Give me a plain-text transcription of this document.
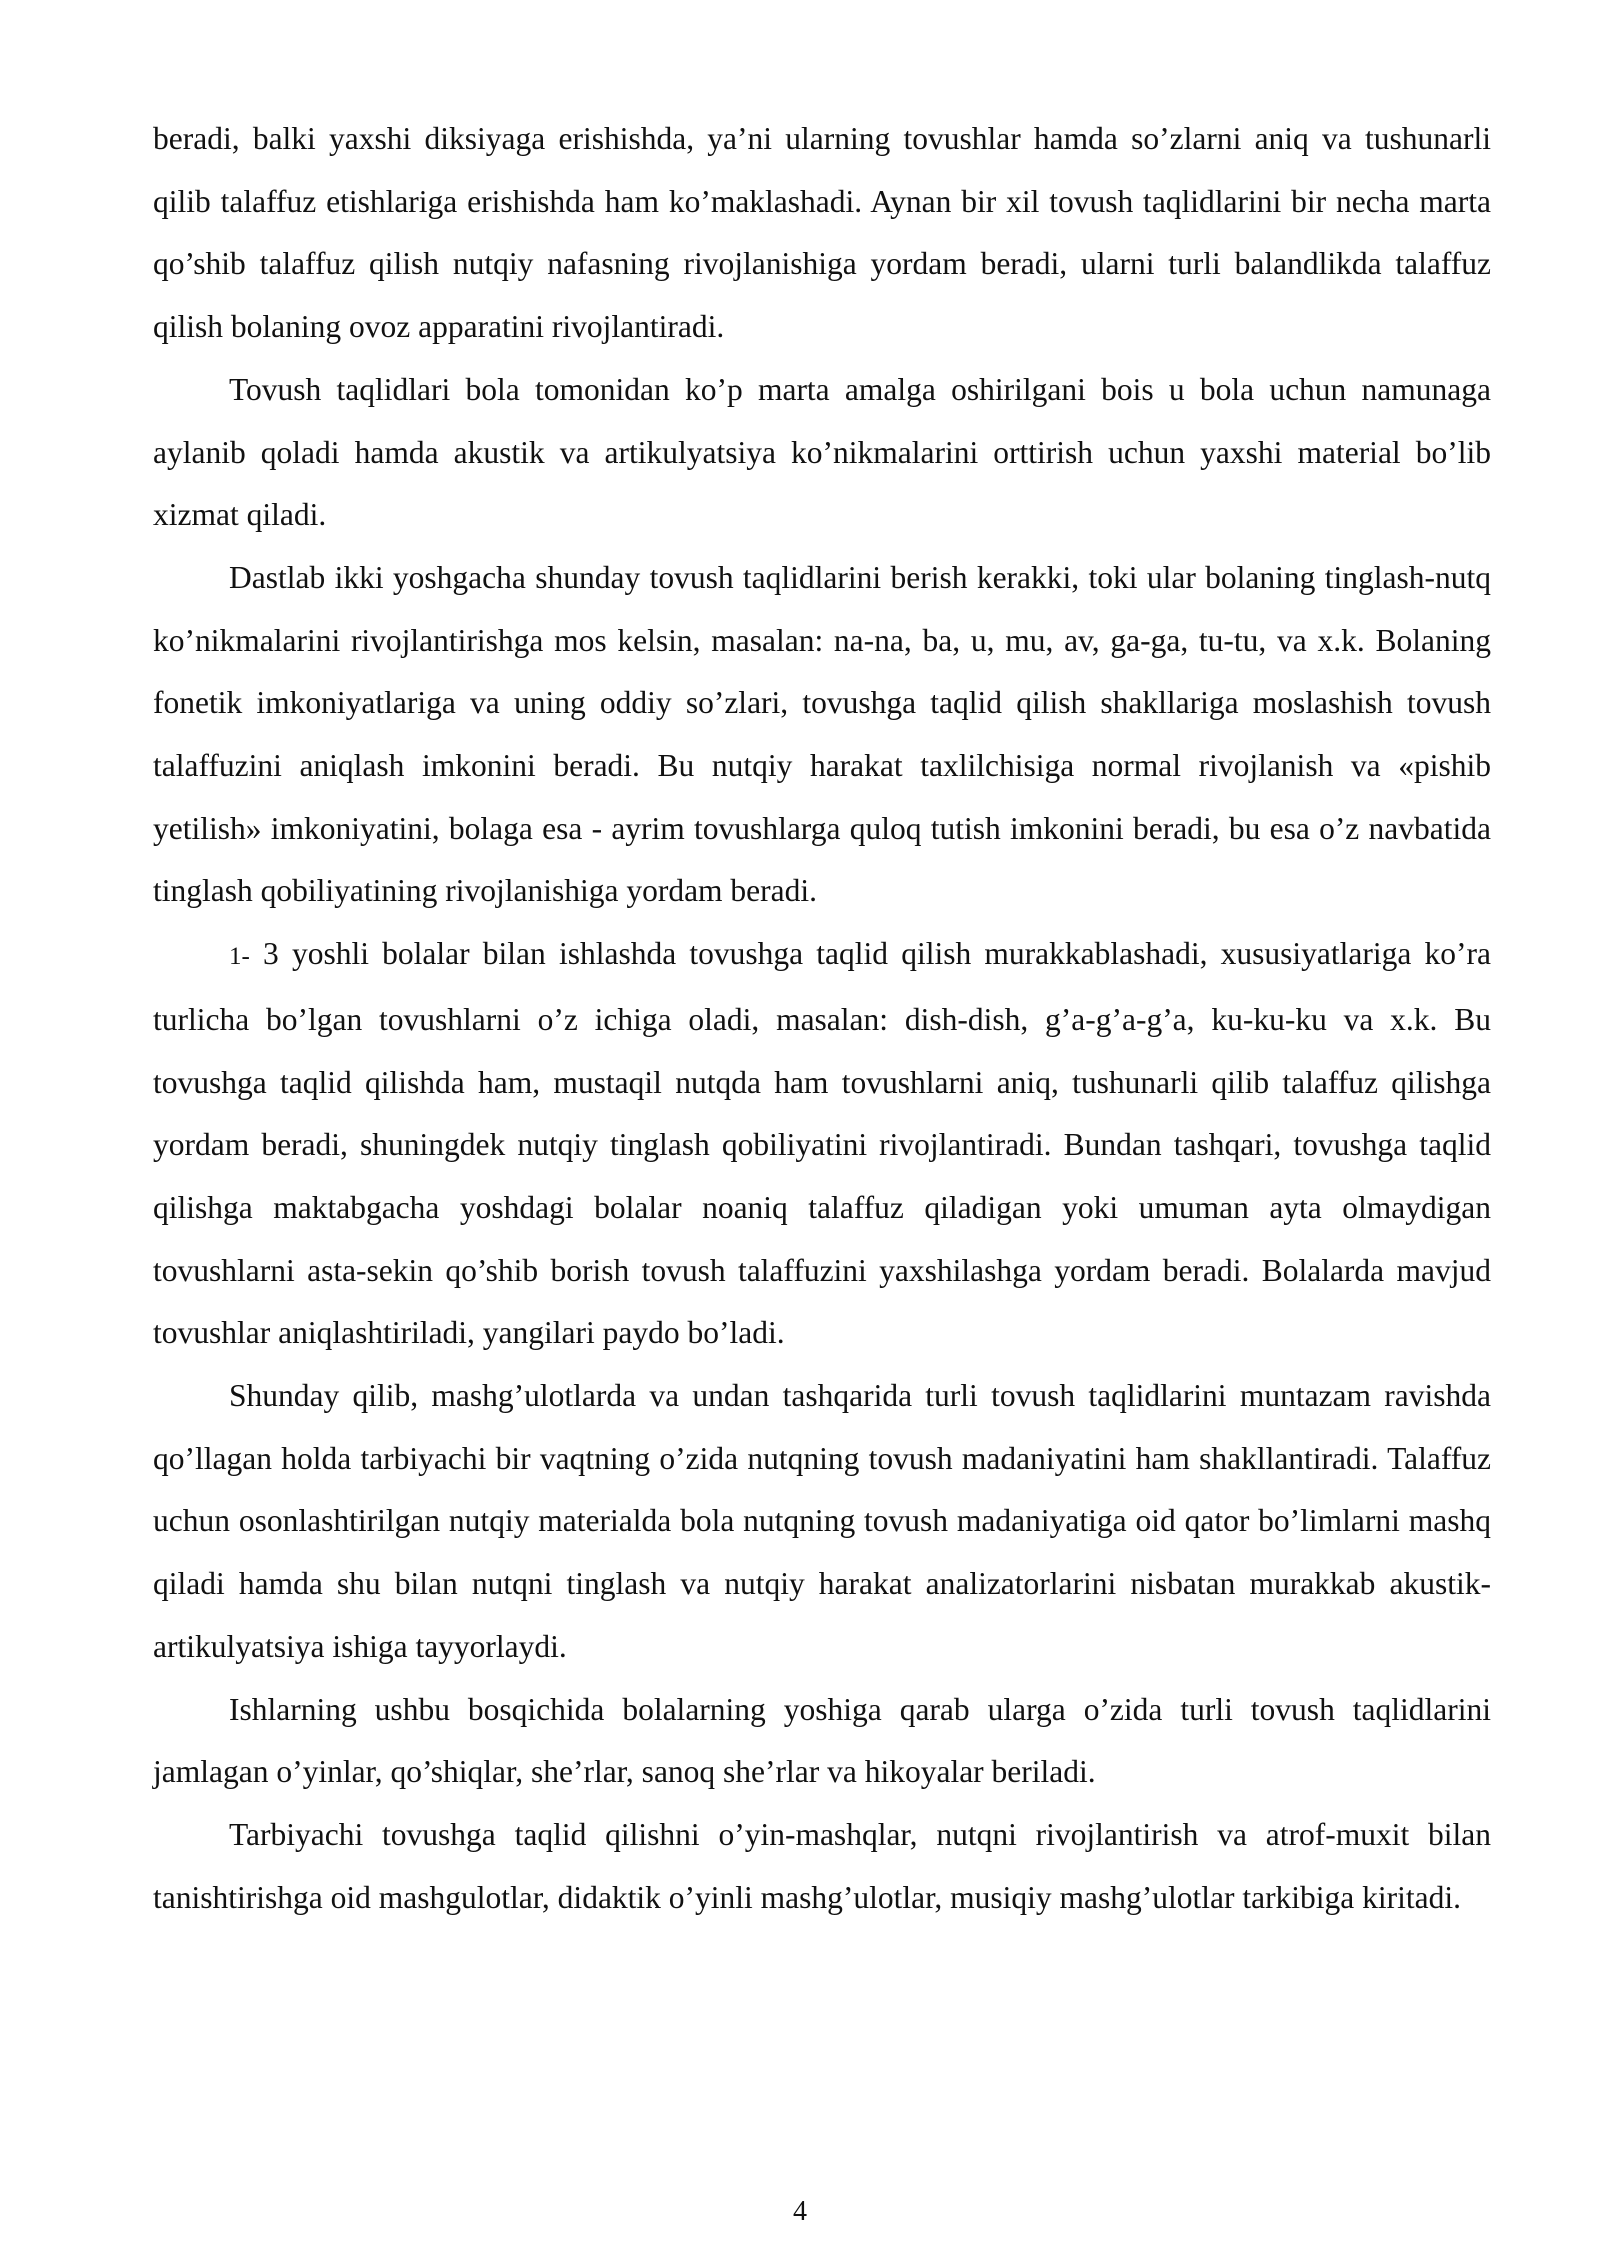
beradi, balki yaxshi diksiyaga erishishda, ya’ni ularning tovushlar hamda so’zlarni aniq va tushunarli qilib talaffuz etishlariga erishishda ham ko’maklashadi. Aynan bir xil tovush taqlidlarini bir necha marta qo’shib talaffuz qilish nutqiy nafasning rivojlanishiga yordam beradi, ularni turli balandlikda talaffuz qilish bolaning ovoz apparatini rivojlantiradi.

Tovush taqlidlari bola tomonidan ko’p marta amalga oshirilgani bois u bola uchun namunaga aylanib qoladi hamda akustik va artikulyatsiya ko’nikmalarini orttirish uchun yaxshi material bo’lib xizmat qiladi.

Dastlab ikki yoshgacha shunday tovush taqlidlarini berish kerakki, toki ular bolaning tinglash-nutq ko’nikmalarini rivojlantirishga mos kelsin, masalan: na-na, ba, u, mu, av, ga-ga, tu-tu, va x.k. Bolaning fonetik imkoniyatlariga va uning oddiy so’zlari, tovushga taqlid qilish shakllariga moslashish tovush talaffuzini aniqlash imkonini beradi. Bu nutqiy harakat taxlilchisiga normal rivojlanish va «pishib yetilish» imkoniyatini, bolaga esa - ayrim tovushlarga quloq tutish imkonini beradi, bu esa o’z navbatida tinglash qobiliyatining rivojlanishiga yordam beradi.

1- 3 yoshli bolalar bilan ishlashda tovushga taqlid qilish murakkablashadi, xususiyatlariga ko’ra turlicha bo’lgan tovushlarni o’z ichiga oladi, masalan: dish-dish, g’a-g’a-g’a, ku-ku-ku va x.k. Bu tovushga taqlid qilishda ham, mustaqil nutqda ham tovushlarni aniq, tushunarli qilib talaffuz qilishga yordam beradi, shuningdek nutqiy tinglash qobiliyatini rivojlantiradi. Bundan tashqari, tovushga taqlid qilishga maktabgacha yoshdagi bolalar noaniq talaffuz qiladigan yoki umuman ayta olmaydigan tovushlarni asta-sekin qo’shib borish tovush talaffuzini yaxshilashga yordam beradi. Bolalarda mavjud tovushlar aniqlashtiriladi, yangilari paydo bo’ladi.

Shunday qilib, mashg’ulotlarda va undan tashqarida turli tovush taqlidlarini muntazam ravishda qo’llagan holda tarbiyachi bir vaqtning o’zida nutqning tovush madaniyatini ham shakllantiradi. Talaffuz uchun osonlashtirilgan nutqiy materialda bola nutqning tovush madaniyatiga oid qator bo’limlarni mashq qiladi hamda shu bilan nutqni tinglash va nutqiy harakat analizatorlarini nisbatan murakkab akustik-artikulyatsiya ishiga tayyorlaydi.

Ishlarning ushbu bosqichida bolalarning yoshiga qarab ularga o’zida turli tovush taqlidlarini jamlagan o’yinlar, qo’shiqlar, she’rlar, sanoq she’rlar va hikoyalar beriladi.

Tarbiyachi tovushga taqlid qilishni o’yin-mashqlar, nutqni rivojlantirish va atrof-muxit bilan tanishtirishga oid mashgulotlar, didaktik o’yinli mashg’ulotlar, musiqiy mashg’ulotlar tarkibiga kiritadi.

4
